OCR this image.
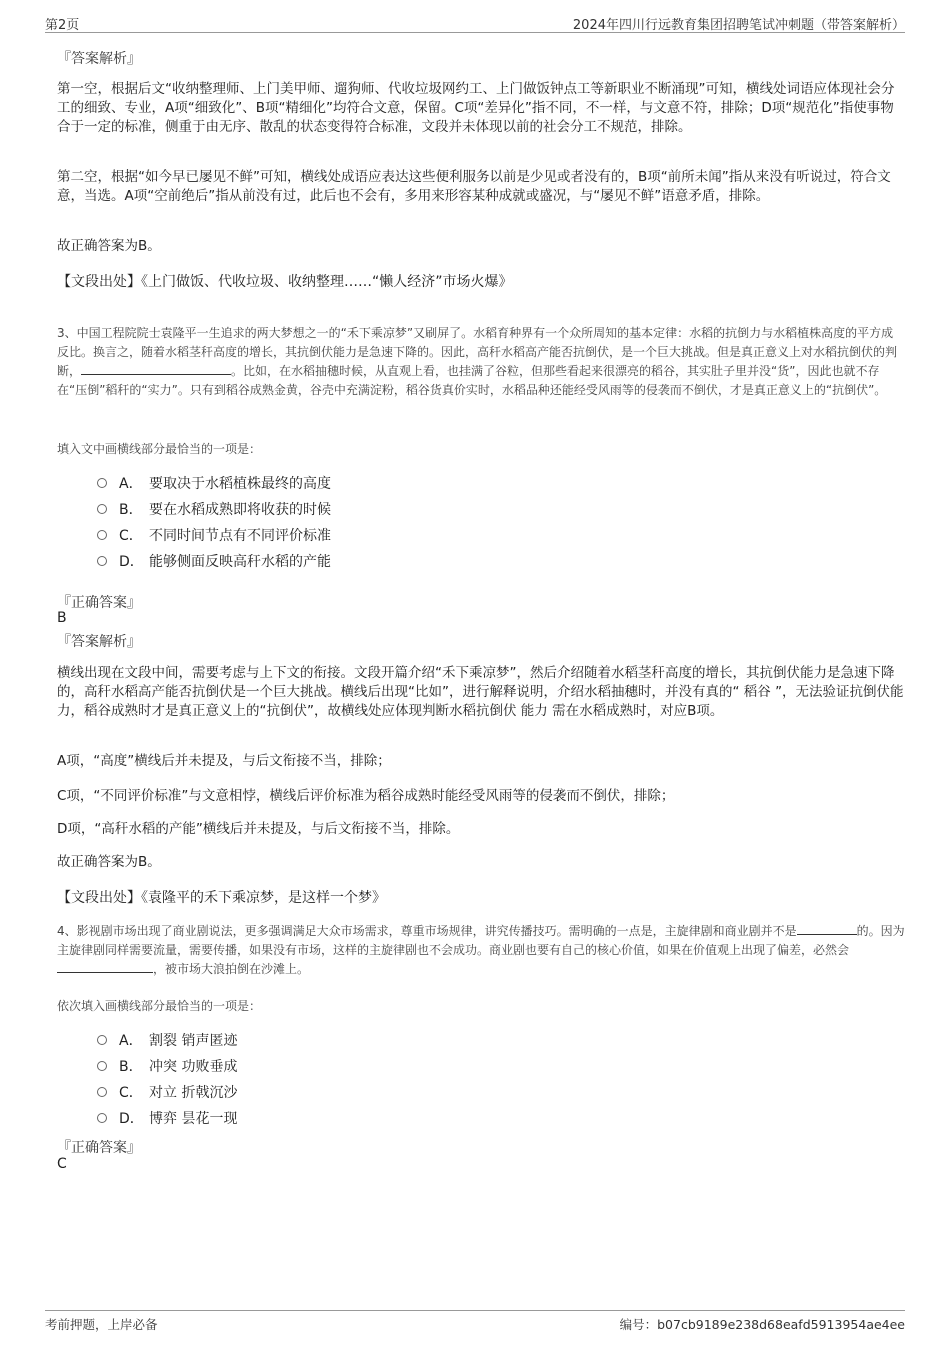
第2页	2024年四川行远教育集团招聘笔试冲刺题（带答案解析）
『答案解析』
第一空，根据后文“收纳整理师、上门美甲师、遛狗师、代收垃圾网约工、上门做饭钟点工等新职业不断涌现”可知，横线处词语应体现社会分工的细致、专业，A项“细致化”、B项“精细化”均符合文意，保留。C项“差异化”指不同，不一样，与文意不符，排除；D项“规范化”指使事物合于一定的标准，侧重于由无序、散乱的状态变得符合标准，文段并未体现以前的社会分工不规范，排除。
第二空，根据“如今早已屡见不鲜”可知，横线处成语应表达这些便利服务以前是少见或者没有的，B项“前所未闻”指从来没有听说过，符合文意，当选。A项“空前绝后”指从前没有过，此后也不会有，多用来形容某种成就或盛况，与“屡见不鲜”语意矛盾，排除。
故正确答案为B。
【文段出处】《上门做饭、代收垃圾、收纳整理……“懒人经济”市场火爆》
3、中国工程院院士袁隆平一生追求的两大梦想之一的“禾下乘凉梦”又刷屏了。水稻育种界有一个众所周知的基本定律：水稻的抗倒力与水稻植株高度的平方成反比。换言之，随着水稻茎秆高度的增长，其抗倒伏能力是急速下降的。因此，高秆水稻高产能否抗倒伏，是一个巨大挑战。但是真正意义上对水稻抗倒伏的判断，	。比如，在水稻抽穗时候，从直观上看，也挂满了谷粒，但那些看起来很漂亮的稻谷，其实肚子里并没“货”，因此也就不存在“压倒”稻秆的“实力”。只有到稻谷成熟金黄，谷壳中充满淀粉，稻谷货真价实时，水稻品种还能经受风雨等的侵袭而不倒伏，才是真正意义上的“抗倒伏”。
填入文中画横线部分最恰当的一项是：
A． 要取决于水稻植株最终的高度
B． 要在水稻成熟即将收获的时候
C． 不同时间节点有不同评价标准
D． 能够侧面反映高秆水稻的产能
『正确答案』
B
『答案解析』
横线出现在文段中间，需要考虑与上下文的衔接。文段开篇介绍“禾下乘凉梦”，然后介绍随着水稻茎秆高度的增长，其抗倒伏能力是急速下降的，高秆水稻高产能否抗倒伏是一个巨大挑战。横线后出现“比如”，进行解释说明，介绍水稻抽穗时，并没有真的“ 稻谷 ”，无法验证抗倒伏能力，稻谷成熟时才是真正意义上的“抗倒伏”，故横线处应体现判断水稻抗倒伏 能力 需在水稻成熟时，对应B项。
A项，“高度”横线后并未提及，与后文衔接不当，排除；
C项，“不同评价标准”与文意相悖，横线后评价标准为稻谷成熟时能经受风雨等的侵袭而不倒伏，排除；
D项，“高秆水稻的产能”横线后并未提及，与后文衔接不当，排除。
故正确答案为B。
【文段出处】《袁隆平的禾下乘凉梦，是这样一个梦》
4、影视剧市场出现了商业剧说法，更多强调满足大众市场需求，尊重市场规律，讲究传播技巧。需明确的一点是，主旋律剧和商业剧并不是	的。因为主旋律剧同样需要流量，需要传播，如果没有市场，这样的主旋律剧也不会成功。商业剧也要有自己的核心价值，如果在价值观上出现了偏差，必然会，被市场大浪拍倒在沙滩上。
依次填入画横线部分最恰当的一项是：
A． 割裂 销声匿迹
B． 冲突 功败垂成
C． 对立 折戟沉沙
D． 博弈 昙花一现
『正确答案』
C
考前押题，上岸必备	编号：b07cb9189e238d68eafd5913954ae4ee
